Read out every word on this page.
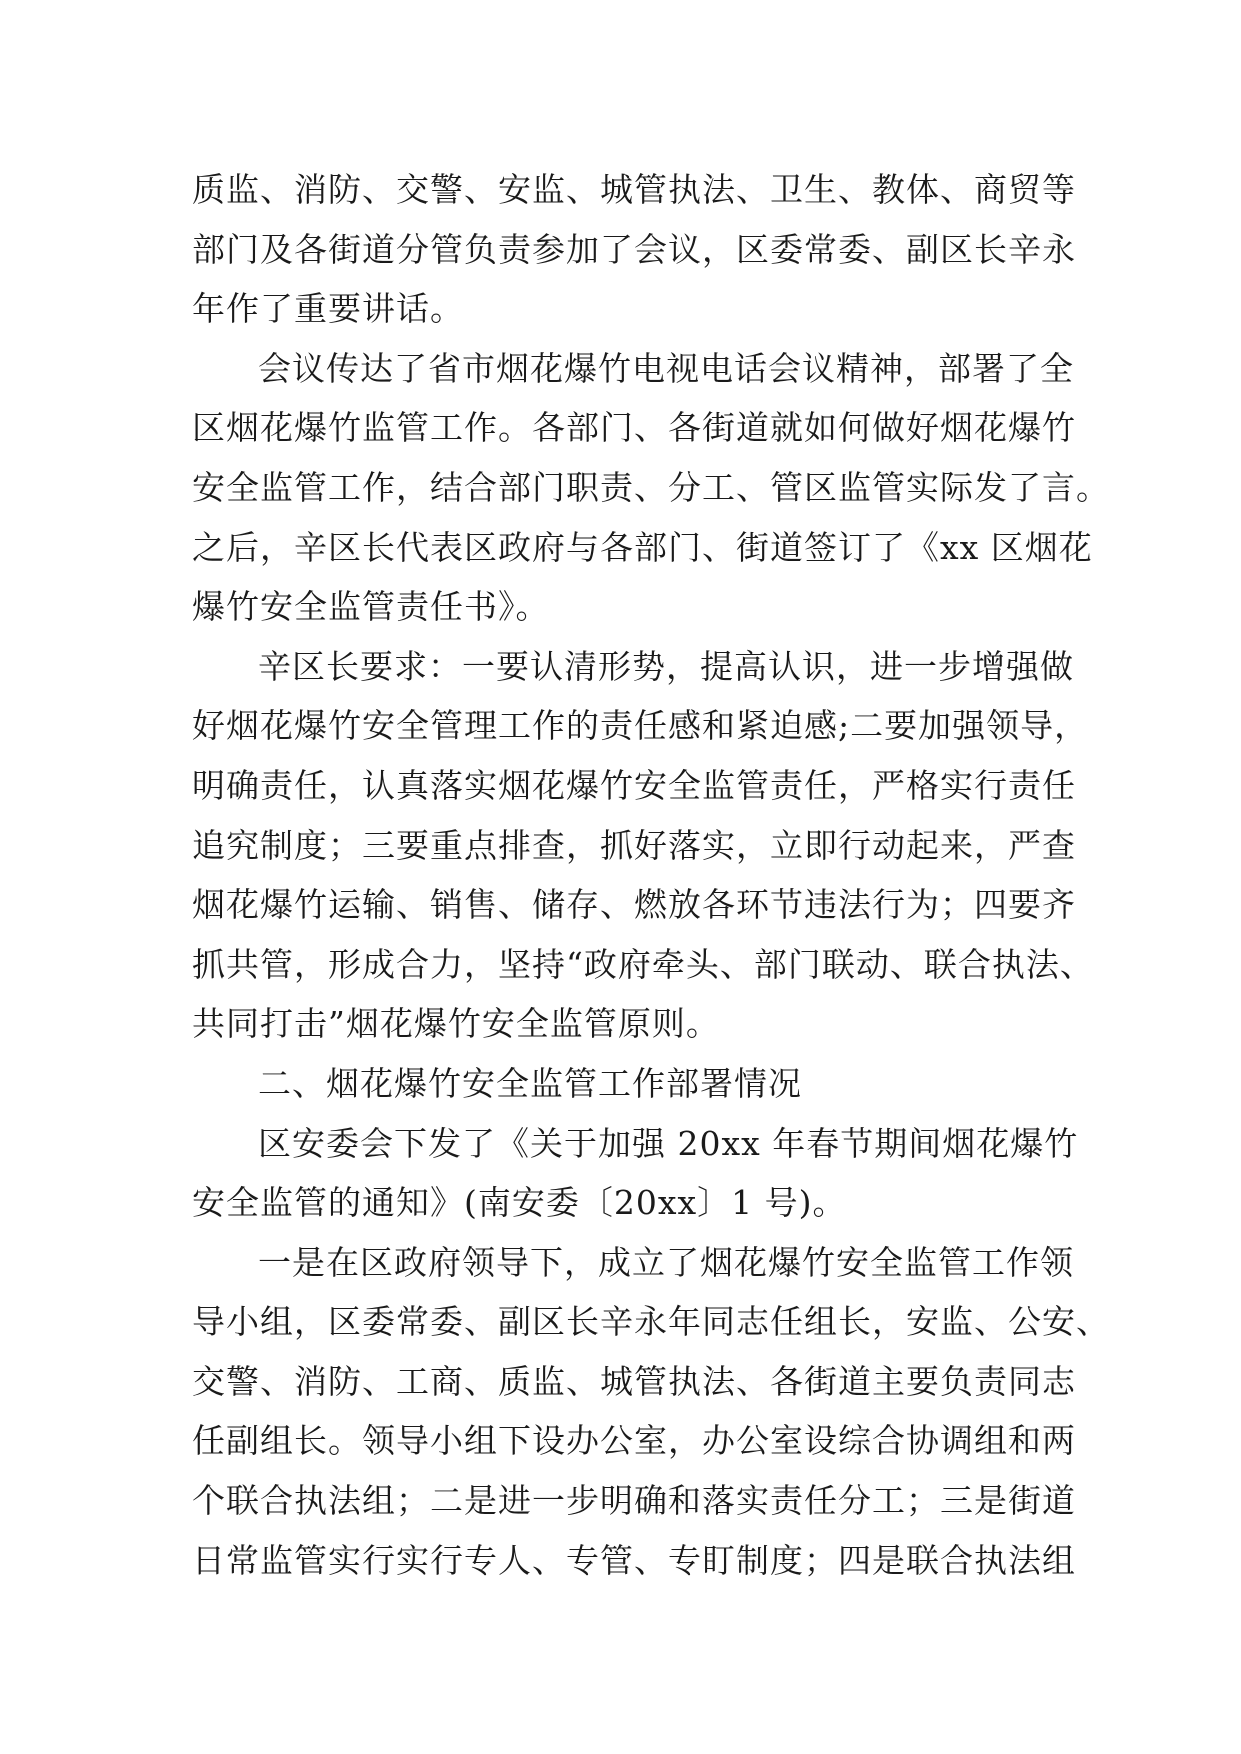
质监、消防、交警、安监、城管执法、卫生、教体、商贸等
部门及各街道分管负责参加了会议，区委常委、副区长辛永
年作了重要讲话。
会议传达了省市烟花爆竹电视电话会议精神，部署了全
区烟花爆竹监管工作。各部门、各街道就如何做好烟花爆竹
安全监管工作，结合部门职责、分工、管区监管实际发了言。
之后，辛区长代表区政府与各部门、街道签订了《xx 区烟花
爆竹安全监管责任书》。
辛区长要求：一要认清形势，提高认识，进一步增强做
好烟花爆竹安全管理工作的责任感和紧迫感;二要加强领导，
明确责任，认真落实烟花爆竹安全监管责任，严格实行责任
追究制度；三要重点排查，抓好落实，立即行动起来，严查
烟花爆竹运输、销售、储存、燃放各环节违法行为；四要齐
抓共管，形成合力，坚持“政府牵头、部门联动、联合执法、
共同打击”烟花爆竹安全监管原则。
二、烟花爆竹安全监管工作部署情况
区安委会下发了《关于加强 20xx 年春节期间烟花爆竹
安全监管的通知》(南安委〔20xx〕1 号)。
一是在区政府领导下，成立了烟花爆竹安全监管工作领
导小组，区委常委、副区长辛永年同志任组长，安监、公安、
交警、消防、工商、质监、城管执法、各街道主要负责同志
任副组长。领导小组下设办公室，办公室设综合协调组和两
个联合执法组；二是进一步明确和落实责任分工；三是街道
日常监管实行实行专人、专管、专盯制度；四是联合执法组
